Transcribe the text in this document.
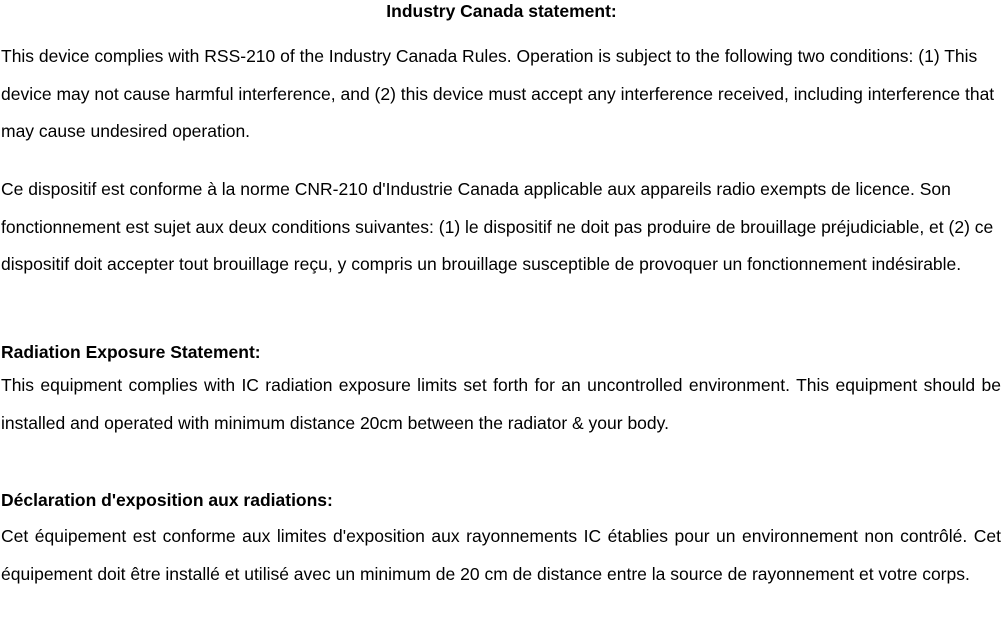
Industry Canada statement:

This device complies with RSS-210 of the Industry Canada Rules. Operation is subject to the following two conditions: (1) This device may not cause harmful interference, and (2) this device must accept any interference received, including interference that may cause undesired operation.

Ce dispositif est conforme à la norme CNR-210 d'Industrie Canada applicable aux appareils radio exempts de licence. Son fonctionnement est sujet aux deux conditions suivantes: (1) le dispositif ne doit pas produire de brouillage préjudiciable, et (2) ce dispositif doit accepter tout brouillage reçu, y compris un brouillage susceptible de provoquer un fonctionnement indésirable.

Radiation Exposure Statement:

This equipment complies with IC radiation exposure limits set forth for an uncontrolled environment. This equipment should be installed and operated with minimum distance 20cm between the radiator & your body.

Déclaration d'exposition aux radiations:

Cet équipement est conforme aux limites d'exposition aux rayonnements IC établies pour un environnement non contrôlé. Cet équipement doit être installé et utilisé avec un minimum de 20 cm de distance entre la source de rayonnement et votre corps.
